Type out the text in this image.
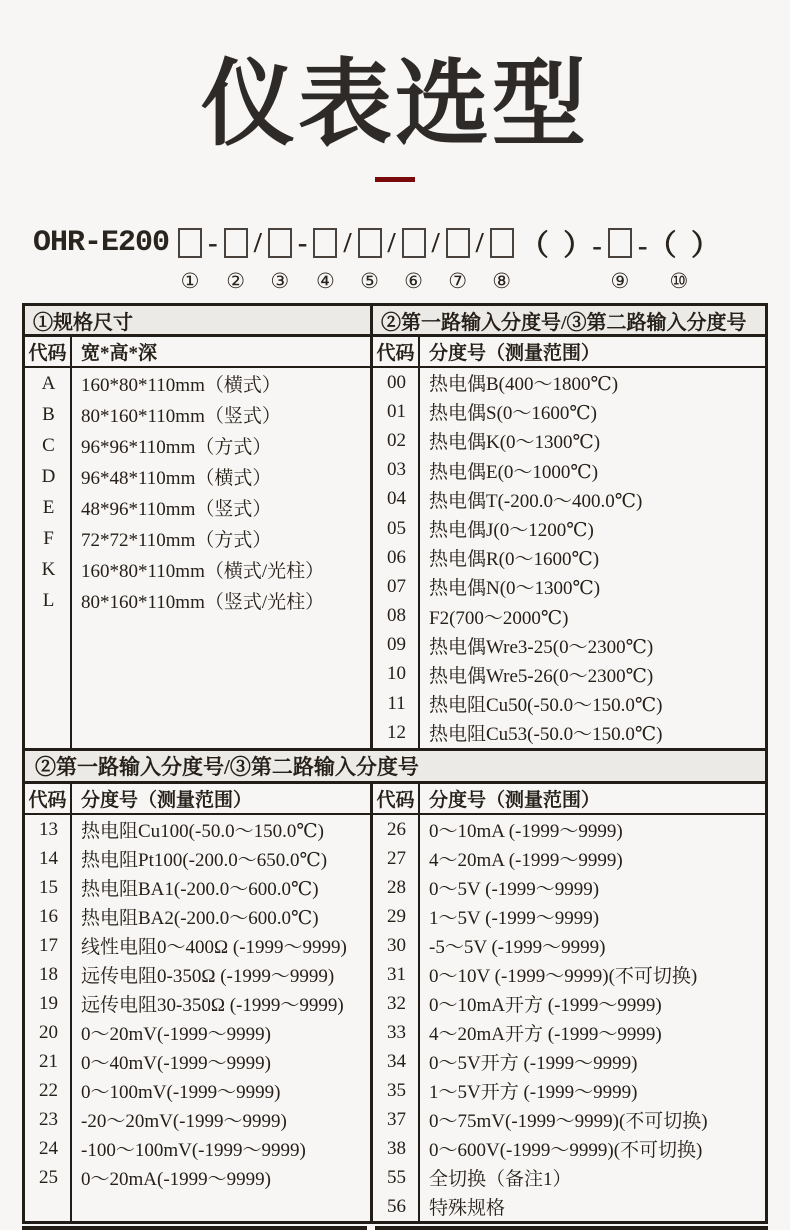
仪表选型
OHR-E200
①
-
②
/
③
-
④
/
⑤
/
⑥
/
⑦
/
⑧
（  ）-
⑨
-（  ）
⑩
①规格尺寸
代码 宽*高*深
A	160*80*110mm（横式）
B	80*160*110mm（竖式）
C	96*96*110mm（方式）
D	96*48*110mm（横式）
E	48*96*110mm（竖式）
F	72*72*110mm（方式）
K	160*80*110mm（横式/光柱）
L	80*160*110mm（竖式/光柱）
②第一路输入分度号/③第二路输入分度号
代码 分度号（测量范围）
00	热电偶B(400～1800℃)
01	热电偶S(0～1600℃)
02	热电偶K(0～1300℃)
03	热电偶E(0～1000℃)
04	热电偶T(-200.0～400.0℃)
05	热电偶J(0～1200℃)
06	热电偶R(0～1600℃)
07	热电偶N(0～1300℃)
08	F2(700～2000℃)
09	热电偶Wre3-25(0～2300℃)
10	热电偶Wre5-26(0～2300℃)
11	热电阻Cu50(-50.0～150.0℃)
12	热电阻Cu53(-50.0～150.0℃)
②第一路输入分度号/③第二路输入分度号
代码 分度号（测量范围）
13	热电阻Cu100(-50.0～150.0℃)
14	热电阻Pt100(-200.0～650.0℃)
15	热电阻BA1(-200.0～600.0℃)
16	热电阻BA2(-200.0～600.0℃)
17	线性电阻0～400Ω (-1999～9999)
18	远传电阻0-350Ω (-1999～9999)
19	远传电阻30-350Ω (-1999～9999)
20	0～20mV(-1999～9999)
21	0～40mV(-1999～9999)
22	0～100mV(-1999～9999)
23	-20～20mV(-1999～9999)
24	-100～100mV(-1999～9999)
25	0～20mA(-1999～9999)
代码 分度号（测量范围）
26	0～10mA (-1999～9999)
27	4～20mA (-1999～9999)
28	0～5V (-1999～9999)
29	1～5V (-1999～9999)
30	-5～5V (-1999～9999)
31	0～10V (-1999～9999)(不可切换)
32	0～10mA开方 (-1999～9999)
33	4～20mA开方 (-1999～9999)
34	0～5V开方 (-1999～9999)
35	1～5V开方 (-1999～9999)
37	0～75mV(-1999～9999)(不可切换)
38	0～600V(-1999～9999)(不可切换)
55	全切换（备注1）
56	特殊规格
